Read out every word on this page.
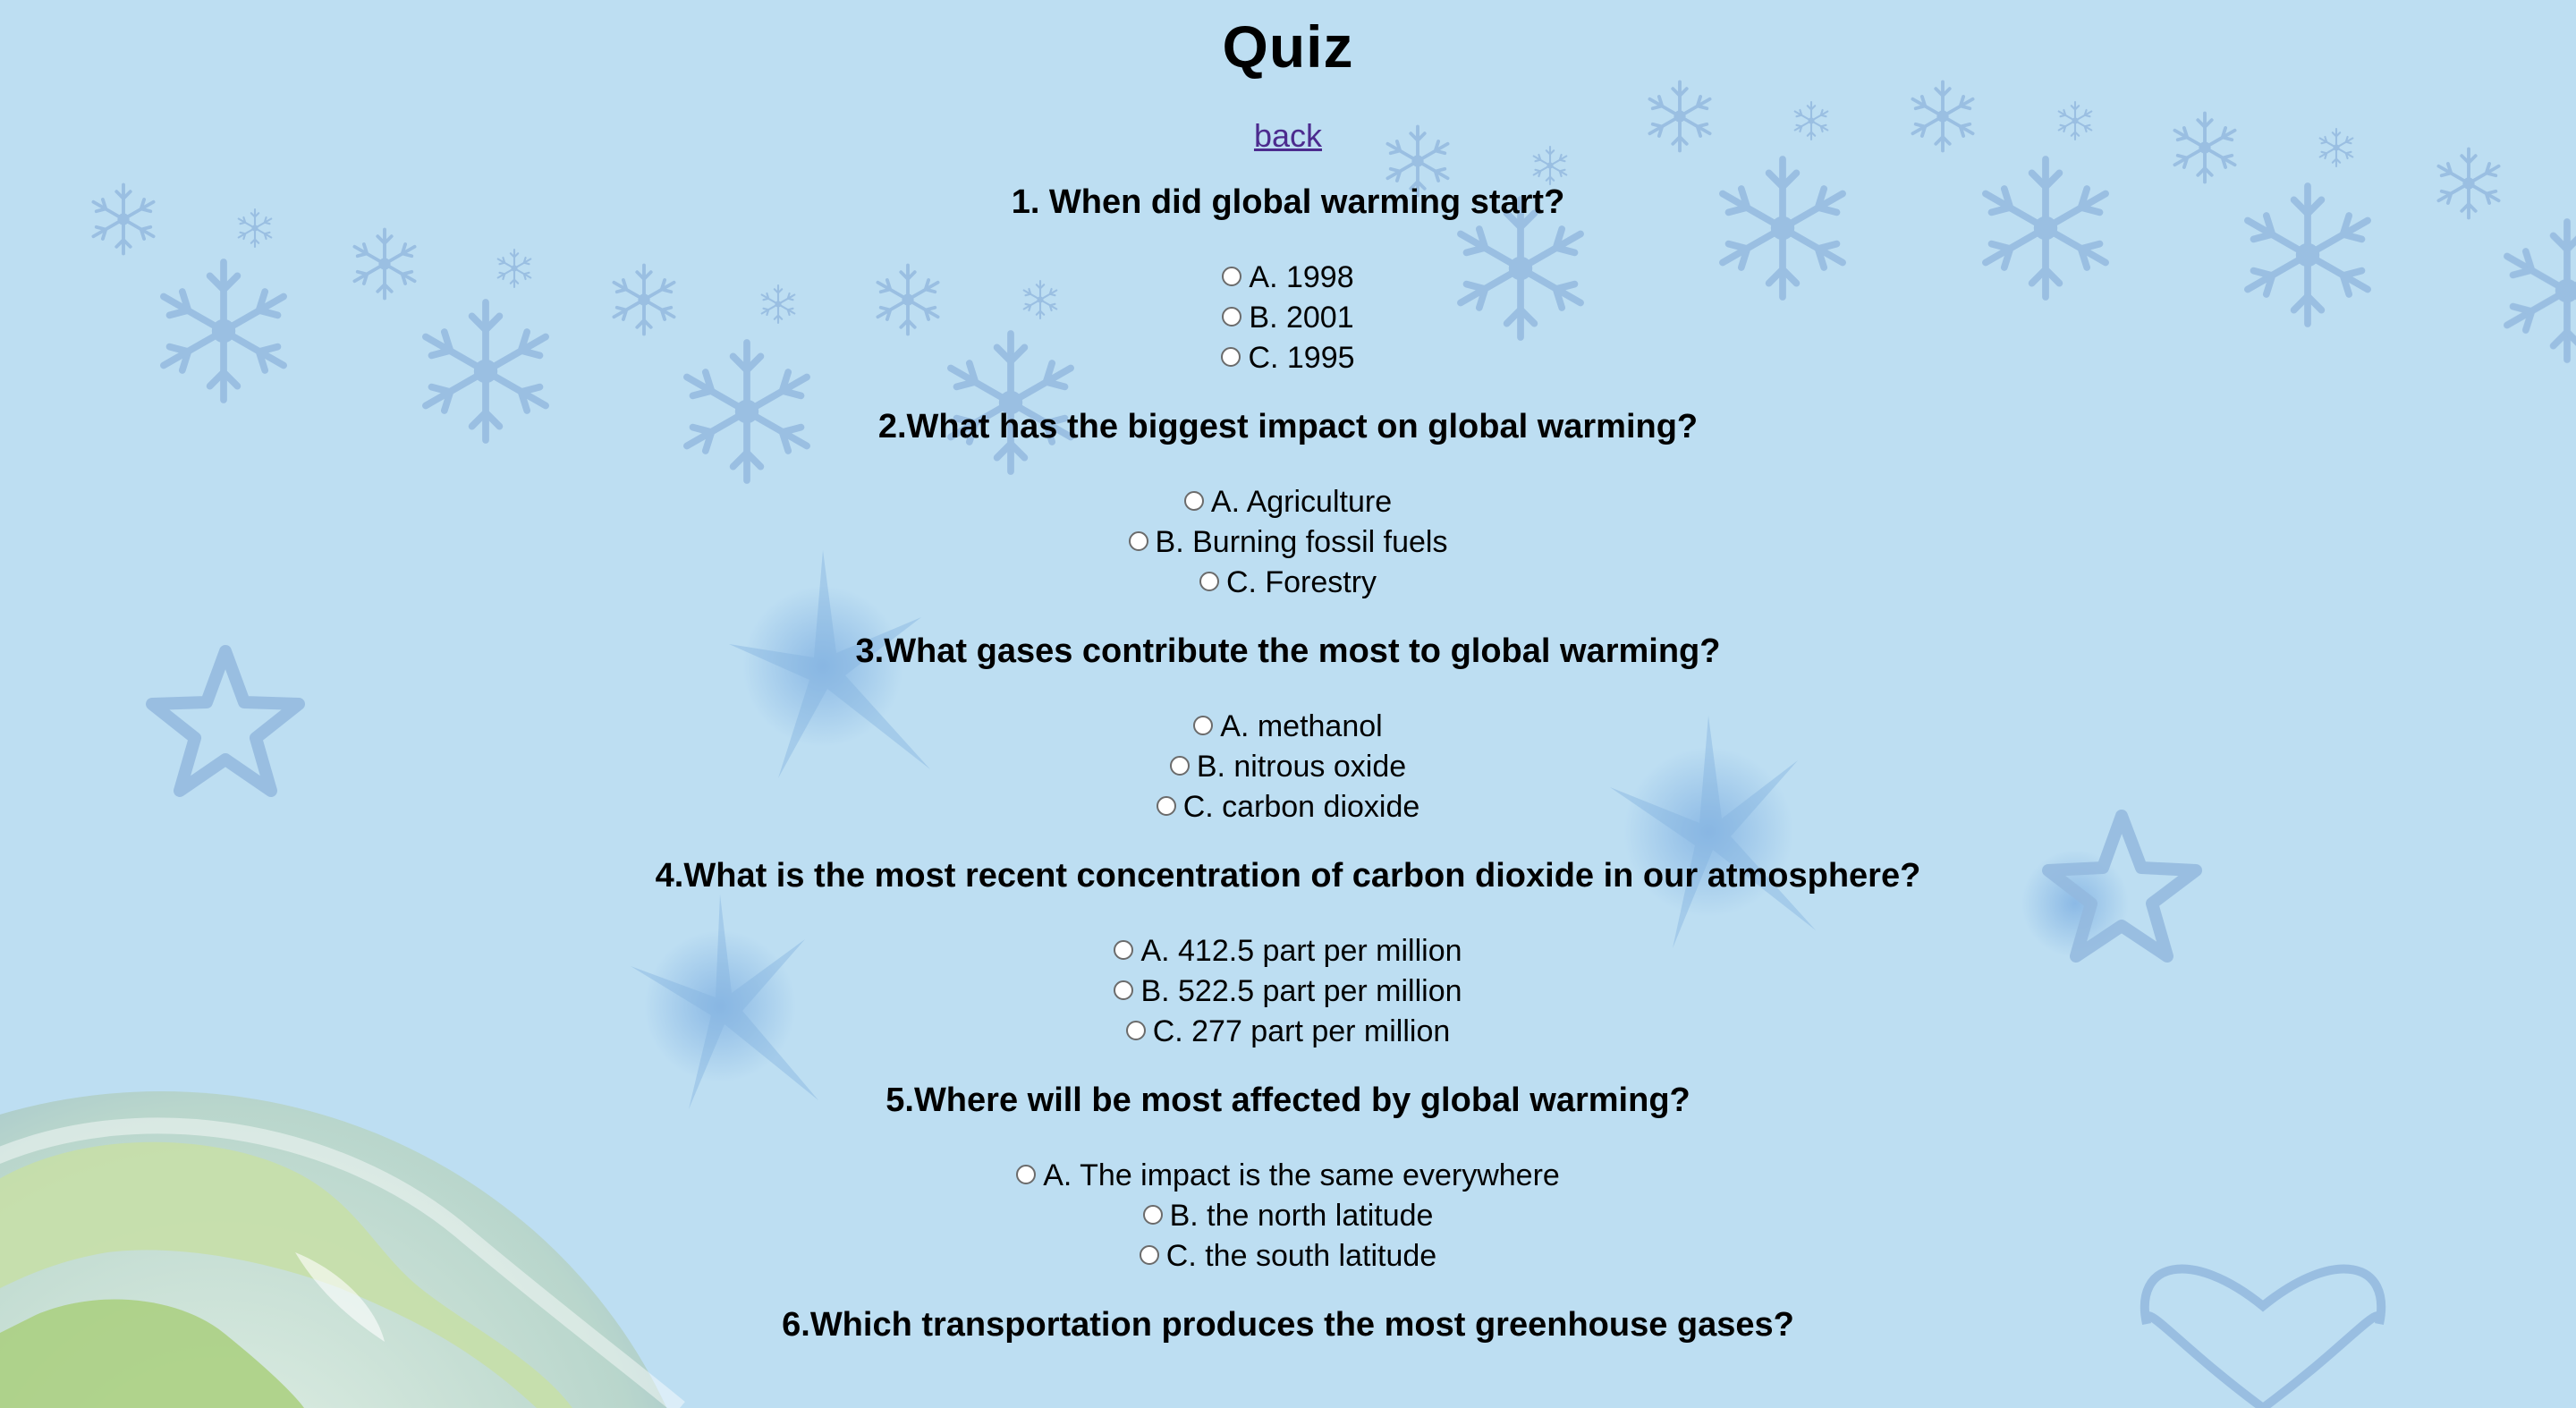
Quiz
back
1. When did global warming start?
A. 1998
B. 2001
C. 1995
2.What has the biggest impact on global warming?
A. Agriculture
B. Burning fossil fuels
C. Forestry
3.What gases contribute the most to global warming?
A. methanol
B. nitrous oxide
C. carbon dioxide
4.What is the most recent concentration of carbon dioxide in our atmosphere?
A. 412.5 part per million
B. 522.5 part per million
C. 277 part per million
5.Where will be most affected by global warming?
A. The impact is the same everywhere
B. the north latitude
C. the south latitude
6.Which transportation produces the most greenhouse gases?
